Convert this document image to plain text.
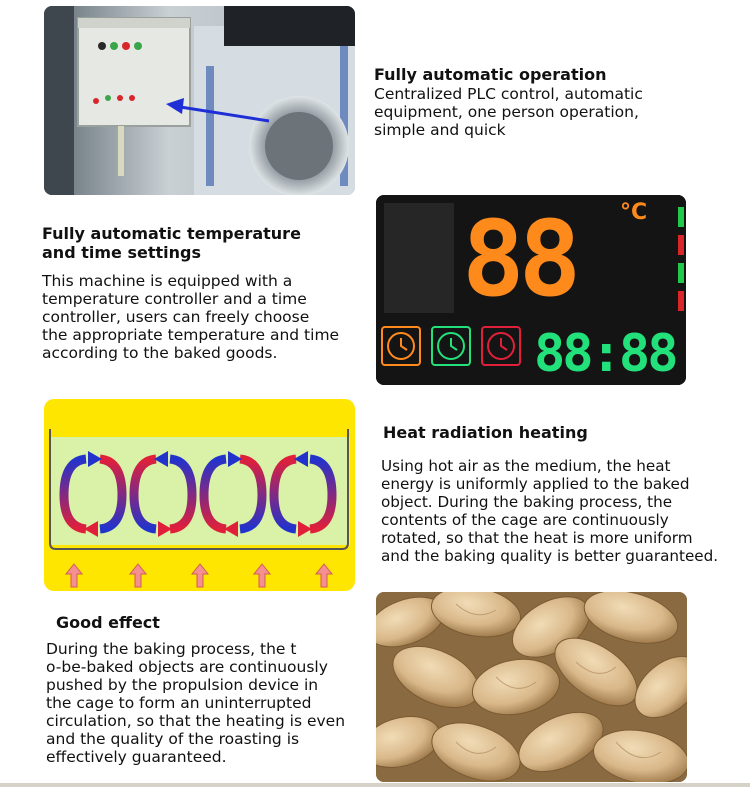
Fully automatic operation
Centralized PLC control, automatic
equipment, one person operation,
simple and quick
Fully automatic temperature
and time settings
This machine is equipped with a
temperature controller and a time
controller, users can freely choose
the appropriate temperature and time
according to the baked goods.
88 °C
88:88
Heat radiation heating
Using hot air as the medium, the heat
energy is uniformly applied to the baked
object. During the baking process, the
contents of the cage are continuously
rotated, so that the heat is more uniform
and the baking quality is better guaranteed.
Good effect
During the baking process, the t
o-be-baked objects are continuously
pushed by the propulsion device in
the cage to form an uninterrupted
circulation, so that the heating is even
and the quality of the roasting is
effectively guaranteed.
